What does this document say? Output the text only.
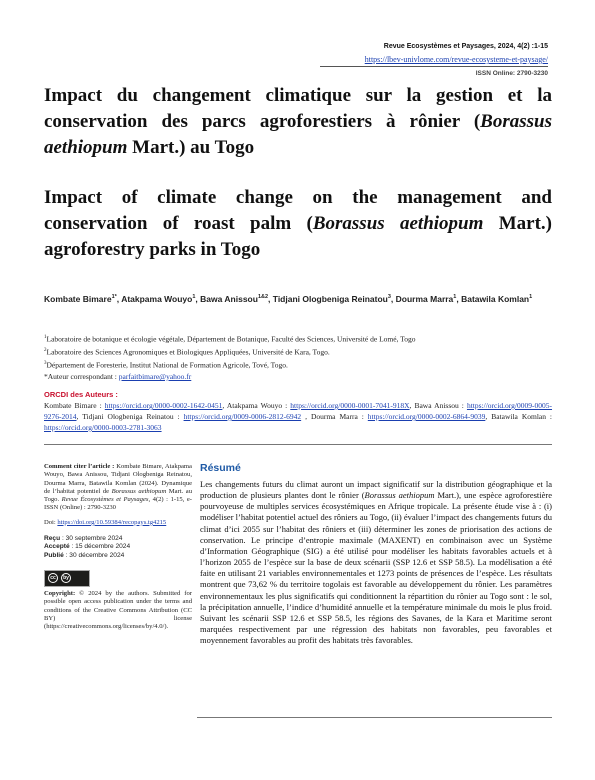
Revue Ecosystèmes et Paysages, 2024, 4(2) :1-15
https://lbev-univlome.com/revue-ecosysteme-et-paysage/
ISSN Online: 2790-3230
Impact du changement climatique sur la gestion et la conservation des parcs agroforestiers à rônier (Borassus aethiopum Mart.) au Togo
Impact of climate change on the management and conservation of roast palm (Borassus aethiopum Mart.) agroforestry parks in Togo
Kombate Bimare$^{1*}$, Atakpama Wouyo$^1$, Bawa Anissou$^{1\&2}$, Tidjani Ologbeniga Reinatou$^3$, Dourma Marra$^1$, Batawila Komlan$^1$
$^1$Laboratoire de botanique et écologie végétale, Département de Botanique, Faculté des Sciences, Université de Lomé, Togo
$^2$Laboratoire des Sciences Agronomiques et Biologiques Appliquées, Université de Kara, Togo.
$^3$Département de Foresterie, Institut National de Formation Agricole, Tové, Togo.
*Auteur correspondant : parfaitbimare@yahoo.fr
ORCDI des Auteurs :
Kombate Bimare : https://orcid.org/0000-0002-1642-0451, Atakpama Wouyo : https://orcid.org/0000-0001-7041-918X, Bawa Anissou : https://orcid.org/0009-0005-9276-2014, Tidjani Ologbeniga Reinatou : https://orcid.org/0009-0006-2812-6942 , Dourma Marra : https://orcid.org/0000-0002-6864-9039, Batawila Komlan : https://orcid.org/0000-0003-2781-3063
Comment citer l’article : Kombate Bimare, Atakpama Wouyo, Bawa Anissou, Tidjani Ologbeniga Reinatou, Dourma Marra, Batawila Komlan (2024). Dynamique de l’habitat potentiel de Borassus aethiopum Mart. au Togo. Revue Écosystèmes et Paysages, 4(2) : 1-15, e-ISSN (Online) : 2790-3230
Doi: https://doi.org/10.59384/recopays.tg4215
Reçu : 30 septembre 2024
Accepté : 15 décembre 2024
Publié : 30 décembre 2024
cc	by
Copyright: © 2024 by the authors. Submitted for possible open access publication under the terms and conditions of the Creative Commons Attribution (CC BY) license (https://creativecommons.org/licenses/by/4.0/).
Résumé
Les changements futurs du climat auront un impact significatif sur la distribution géographique et la production de plusieurs plantes dont le rônier (Borassus aethiopum Mart.), une espèce agroforestière pourvoyeuse de multiples services écosystémiques en Afrique tropicale. La présente étude vise à : (i) modéliser l’habitat potentiel actuel des rôniers au Togo, (ii) évaluer l’impact des changements futurs du climat d’ici 2055 sur l’habitat des rôniers et (iii) déterminer les zones de priorisation des actions de conservation. Le principe d’entropie maximale (MAXENT) en combinaison avec un Système d’Information Géographique (SIG) a été utilisé pour modéliser les habitats favorables actuels et à l’horizon 2055 de l’espèce sur la base de deux scénarii (SSP 12.6 et SSP 58.5). La modélisation a été faite en utilisant 21 variables environnementales et 1273 points de présences de l’espèce. Les résultats montrent que 73,62 % du territoire togolais est favorable au développement du rônier. Les paramètres environnementaux les plus significatifs qui conditionnent la répartition du rônier au Togo sont : le sol, la précipitation annuelle, l’indice d’humidité annuelle et la température minimale du mois le plus froid. Suivant les scénarii SSP 12.6 et SSP 58.5, les régions des Savanes, de la Kara et Maritime seront marquées respectivement par une régression des habitats non favorables, peu favorables et moyennement favorables au profit des habitats très favorables.
